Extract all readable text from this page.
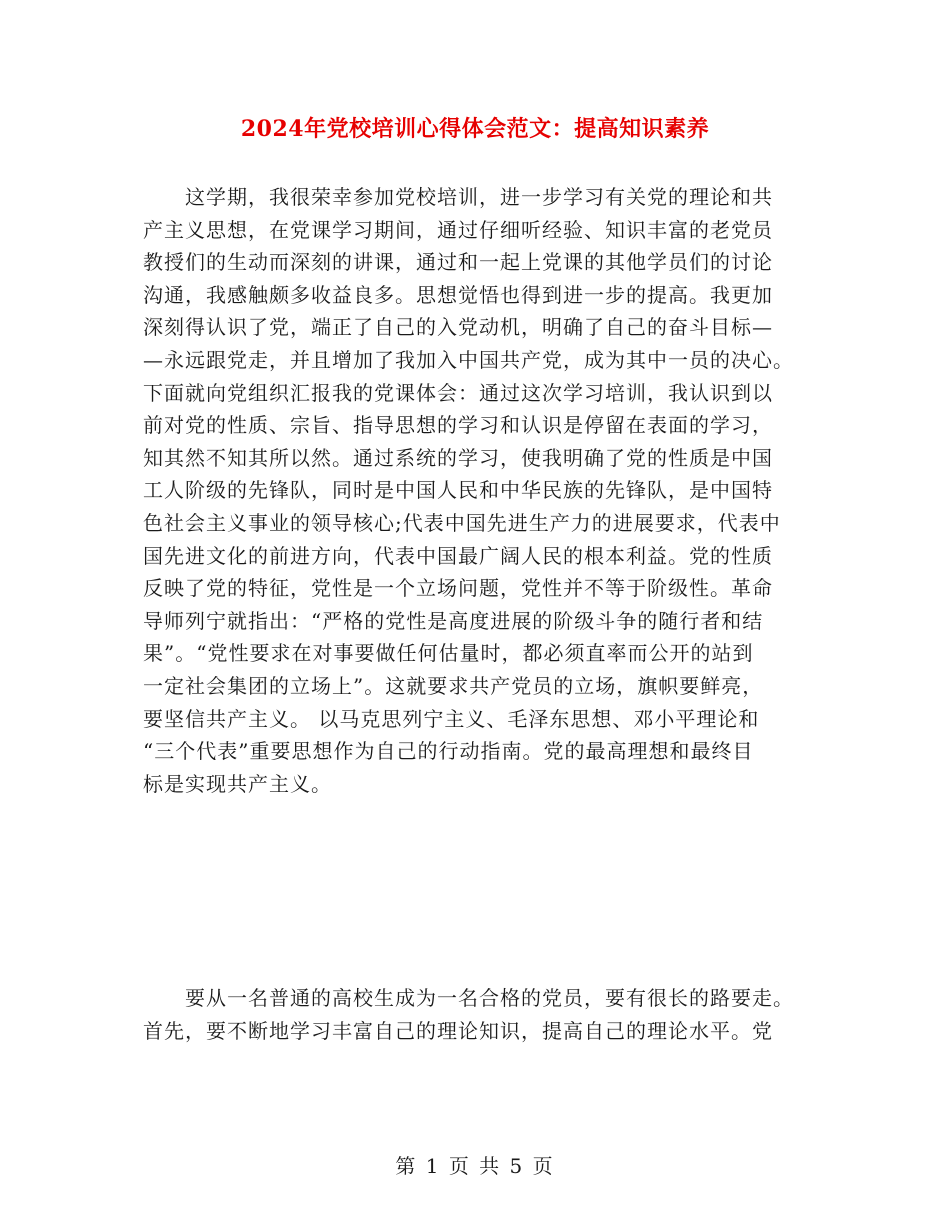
2024年党校培训心得体会范文：提高知识素养
这学期，我很荣幸参加党校培训，进一步学习有关党的理论和共
产主义思想，在党课学习期间，通过仔细听经验、知识丰富的老党员
教授们的生动而深刻的讲课，通过和一起上党课的其他学员们的讨论
沟通，我感触颇多收益良多。思想觉悟也得到进一步的提高。我更加
深刻得认识了党，端正了自己的入党动机，明确了自己的奋斗目标—
—永远跟党走，并且增加了我加入中国共产党，成为其中一员的决心。
下面就向党组织汇报我的党课体会：通过这次学习培训，我认识到以
前对党的性质、宗旨、指导思想的学习和认识是停留在表面的学习，
知其然不知其所以然。通过系统的学习，使我明确了党的性质是中国
工人阶级的先锋队，同时是中国人民和中华民族的先锋队，是中国特
色社会主义事业的领导核心;代表中国先进生产力的进展要求，代表中
国先进文化的前进方向，代表中国最广阔人民的根本利益。党的性质
反映了党的特征，党性是一个立场问题，党性并不等于阶级性。革命
导师列宁就指出：“严格的党性是高度进展的阶级斗争的随行者和结
果”。“党性要求在对事要做任何估量时，都必须直率而公开的站到
一定社会集团的立场上”。这就要求共产党员的立场，旗帜要鲜亮，
要坚信共产主义。 以马克思列宁主义、毛泽东思想、邓小平理论和
“三个代表”重要思想作为自己的行动指南。党的最高理想和最终目
标是实现共产主义。
要从一名普通的高校生成为一名合格的党员，要有很长的路要走。
首先，要不断地学习丰富自己的理论知识，提高自己的理论水平。党
第 1 页 共 5 页
